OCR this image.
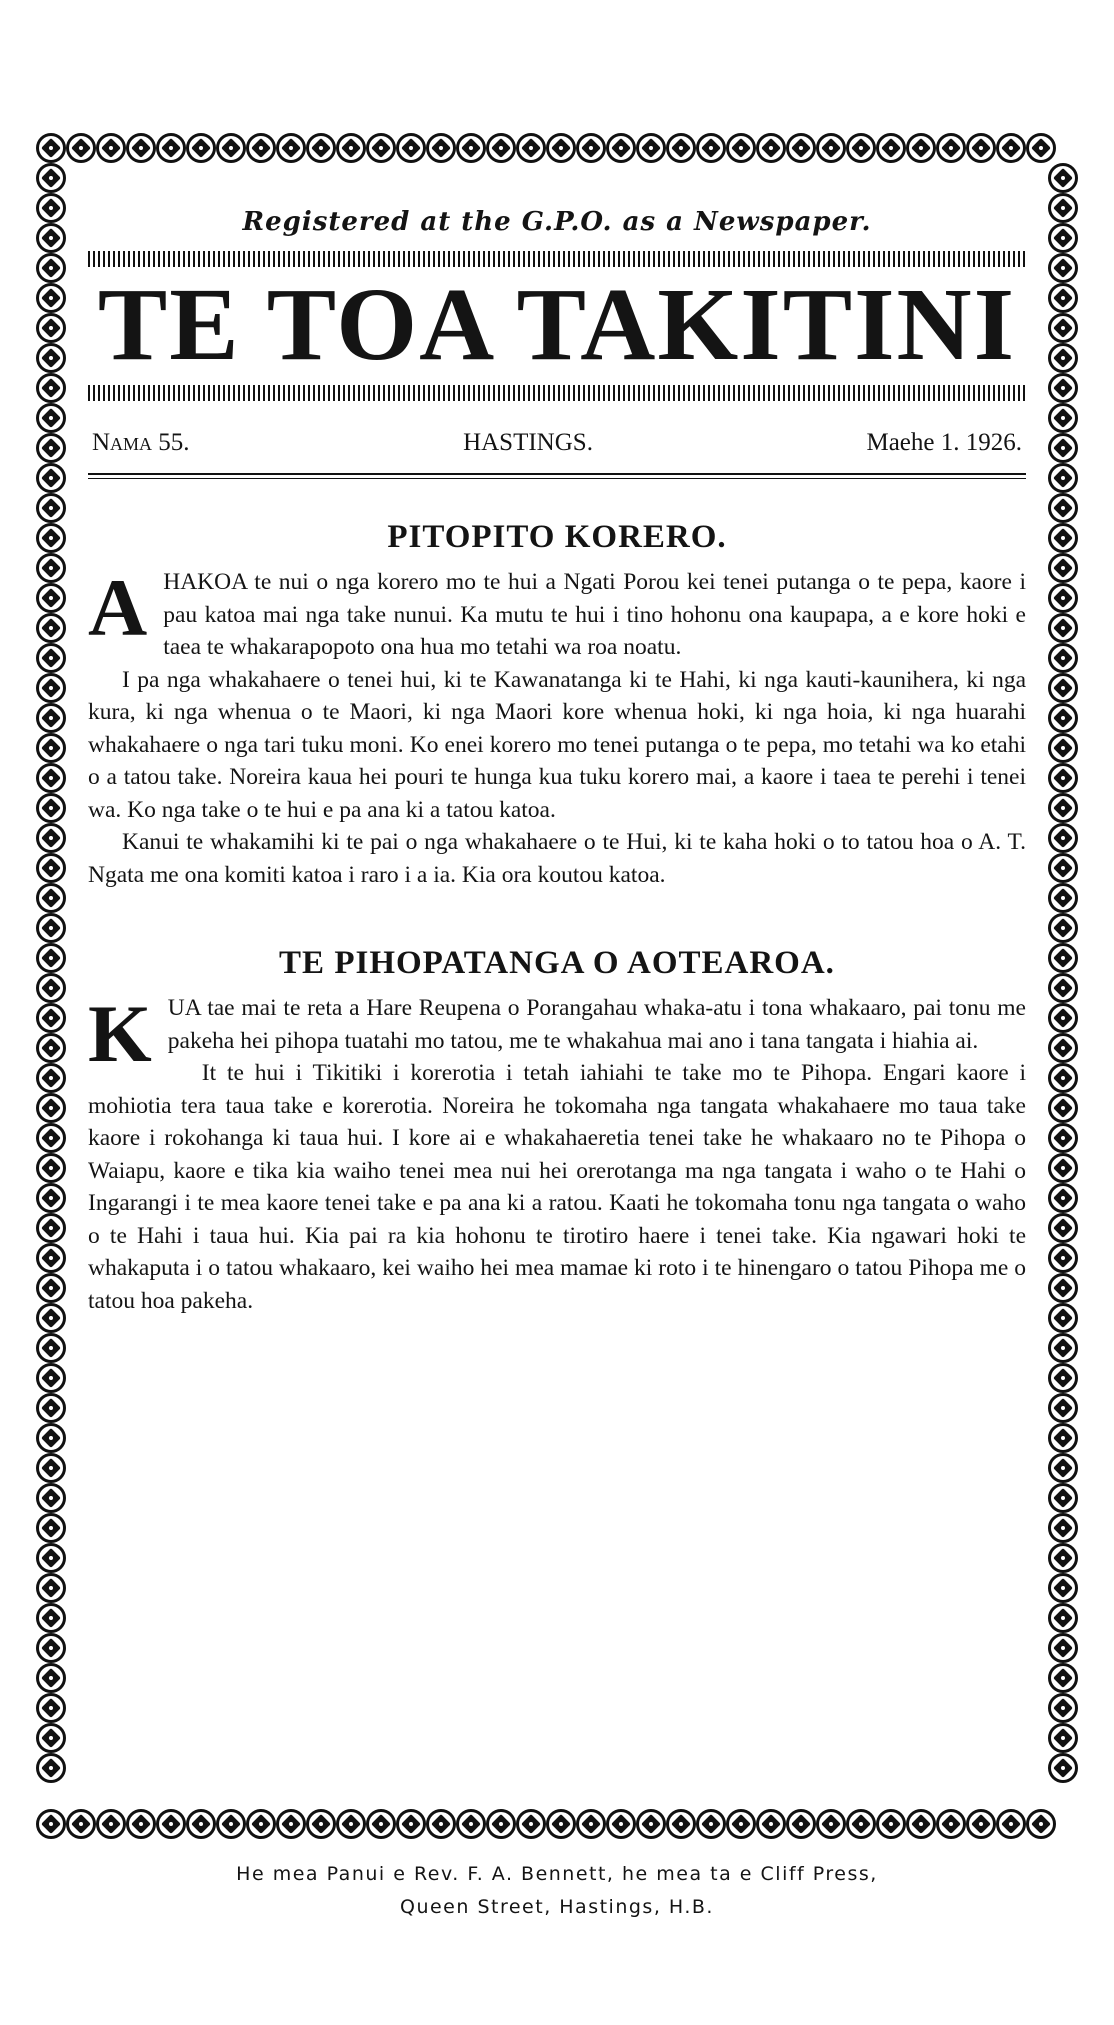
Registered at the G.P.O. as a Newspaper.
TE TOA TAKITINI
Nama 55.	HASTINGS.	Maehe 1. 1926.
PITOPITO KORERO.

AHAKOA te nui o nga korero mo te hui a Ngati Porou kei tenei putanga o te pepa, kaore i pau katoa mai nga take nunui. Ka mutu te hui i tino hohonu ona kaupapa, a e kore hoki e taea te whakarapopoto ona hua mo tetahi wa roa noatu.

I pa nga whakahaere o tenei hui, ki te Kawanatanga ki te Hahi, ki nga kauti-kaunihera, ki nga kura, ki nga whenua o te Maori, ki nga Maori kore whenua hoki, ki nga hoia, ki nga huarahi whakahaere o nga tari tuku moni. Ko enei korero mo tenei putanga o te pepa, mo tetahi wa ko etahi o a tatou take. Noreira kaua hei pouri te hunga kua tuku korero mai, a kaore i taea te perehi i tenei wa. Ko nga take o te hui e pa ana ki a tatou katoa.

Kanui te whakamihi ki te pai o nga whakahaere o te Hui, ki te kaha hoki o to tatou hoa o A. T. Ngata me ona komiti katoa i raro i a ia. Kia ora koutou katoa.

TE PIHOPATANGA O AOTEAROA.

KUA tae mai te reta a Hare Reupena o Porangahau whaka-atu i tona whakaaro, pai tonu me pakeha hei pihopa tuatahi mo tatou, me te whakahua mai ano i tana tangata i hiahia ai.

It te hui i Tikitiki i korerotia i tetah iahiahi te take mo te Pihopa. Engari kaore i mohiotia tera taua take e korerotia. Noreira he tokomaha nga tangata whakahaere mo taua take kaore i rokohanga ki taua hui. I kore ai e whakahaeretia tenei take he whakaaro no te Pihopa o Waiapu, kaore e tika kia waiho tenei mea nui hei orerotanga ma nga tangata i waho o te Hahi o Ingarangi i te mea kaore tenei take e pa ana ki a ratou. Kaati he tokomaha tonu nga tangata o waho o te Hahi i taua hui. Kia pai ra kia hohonu te tirotiro haere i tenei take. Kia ngawari hoki te whakaputa i o tatou whakaaro, kei waiho hei mea mamae ki roto i te hinengaro o tatou Pihopa me o tatou hoa pakeha.

He mea Panui e Rev. F. A. Bennett, he mea ta e Cliff Press,
Queen Street, Hastings, H.B.
